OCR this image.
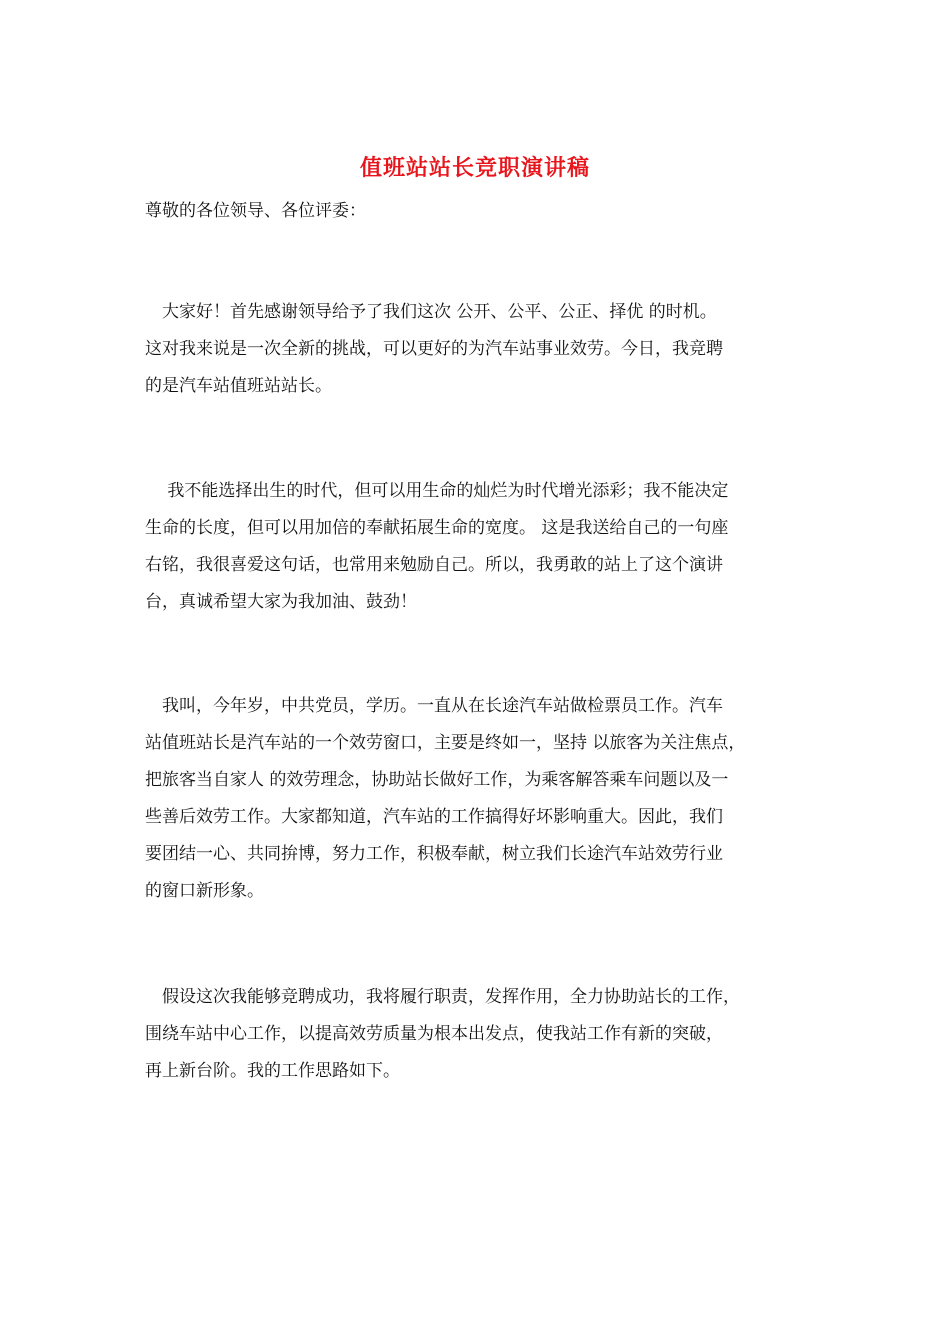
值班站站长竞职演讲稿
尊敬的各位领导、各位评委：
　大家好！首先感谢领导给予了我们这次 公开、公平、公正、择优 的时机。
这对我来说是一次全新的挑战，可以更好的为汽车站事业效劳。今日，我竞聘
的是汽车站值班站站长。
　 我不能选择出生的时代，但可以用生命的灿烂为时代增光添彩；我不能决定
生命的长度，但可以用加倍的奉献拓展生命的宽度。 这是我送给自己的一句座
右铭，我很喜爱这句话，也常用来勉励自己。所以，我勇敢的站上了这个演讲
台，真诚希望大家为我加油、鼓劲！
　我叫，今年岁，中共党员，学历。一直从在长途汽车站做检票员工作。汽车
站值班站长是汽车站的一个效劳窗口，主要是终如一，坚持 以旅客为关注焦点，
把旅客当自家人 的效劳理念，协助站长做好工作，为乘客解答乘车问题以及一
些善后效劳工作。大家都知道，汽车站的工作搞得好坏影响重大。因此，我们
要团结一心、共同拚博，努力工作，积极奉献，树立我们长途汽车站效劳行业
的窗口新形象。
　假设这次我能够竞聘成功，我将履行职责，发挥作用，全力协助站长的工作，
围绕车站中心工作，以提高效劳质量为根本出发点，使我站工作有新的突破，
再上新台阶。我的工作思路如下。
